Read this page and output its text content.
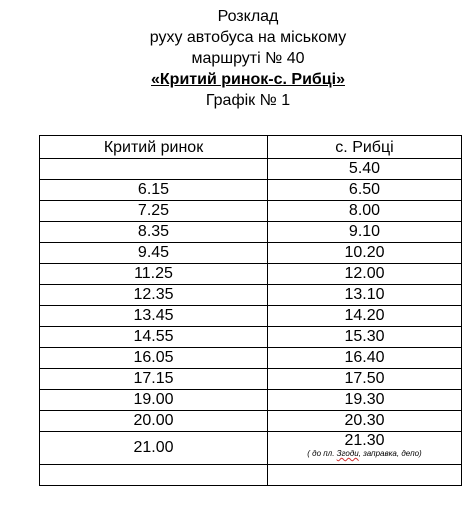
Розклад
руху автобуса на міському
маршруті № 40
«Критий ринок-с. Рибці»
Графік № 1
Критий ринок	с. Рибці
	5.40
6.15	6.50
7.25	8.00
8.35	9.10
9.45	10.20
11.25	12.00
12.35	13.10
13.45	14.20
14.55	15.30
16.05	16.40
17.15	17.50
19.00	19.30
20.00	20.30
21.00	21.30
( до пл. Згоди, заправка, депо)
